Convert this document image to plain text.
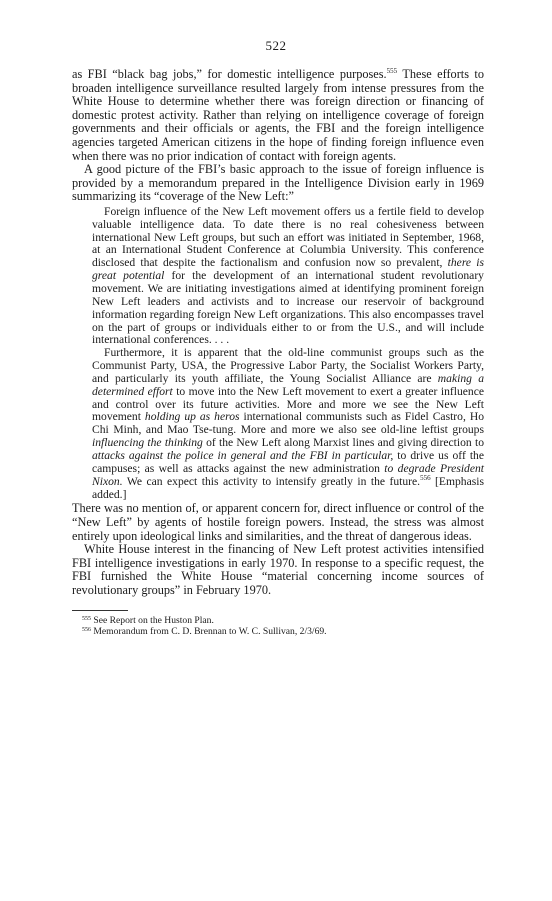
522

as FBI “black bag jobs,” for domestic intelligence purposes.$^{555}$ These efforts to broaden intelligence surveillance resulted largely from intense pressures from the White House to determine whether there was foreign direction or financing of domestic protest activity. Rather than relying on intelligence coverage of foreign governments and their officials or agents, the FBI and the foreign intelligence agencies targeted American citizens in the hope of finding foreign influence even when there was no prior indication of contact with foreign agents.

A good picture of the FBI’s basic approach to the issue of foreign influence is provided by a memorandum prepared in the Intelligence Division early in 1969 summarizing its “coverage of the New Left:”

Foreign influence of the New Left movement offers us a fertile field to develop valuable intelligence data. To date there is no real cohesiveness between international New Left groups, but such an effort was initiated in September, 1968, at an International Student Conference at Columbia University. This conference disclosed that despite the factionalism and confusion now so prevalent, there is great potential for the development of an international student revolutionary movement. We are initiating investigations aimed at identifying prominent foreign New Left leaders and activists and to increase our reservoir of background information regarding foreign New Left organizations. This also encompasses travel on the part of groups or individuals either to or from the U.S., and will include international conferences. . . .

Furthermore, it is apparent that the old-line communist groups such as the Communist Party, USA, the Progressive Labor Party, the Socialist Workers Party, and particularly its youth affiliate, the Young Socialist Alliance are making a determined effort to move into the New Left movement to exert a greater influence and control over its future activities. More and more we see the New Left movement holding up as heros international communists such as Fidel Castro, Ho Chi Minh, and Mao Tse-tung. More and more we also see old-line leftist groups influencing the thinking of the New Left along Marxist lines and giving direction to attacks against the police in general and the FBI in particular, to drive us off the campuses; as well as attacks against the new administration to degrade President Nixon. We can expect this activity to intensify greatly in the future.$^{556}$ [Emphasis added.]

There was no mention of, or apparent concern for, direct influence or control of the “New Left” by agents of hostile foreign powers. Instead, the stress was almost entirely upon ideological links and similarities, and the threat of dangerous ideas.

White House interest in the financing of New Left protest activities intensified FBI intelligence investigations in early 1970. In response to a specific request, the FBI furnished the White House “material concerning income sources of revolutionary groups” in February 1970.

$^{555}$ See Report on the Huston Plan.

$^{556}$ Memorandum from C. D. Brennan to W. C. Sullivan, 2/3/69.
